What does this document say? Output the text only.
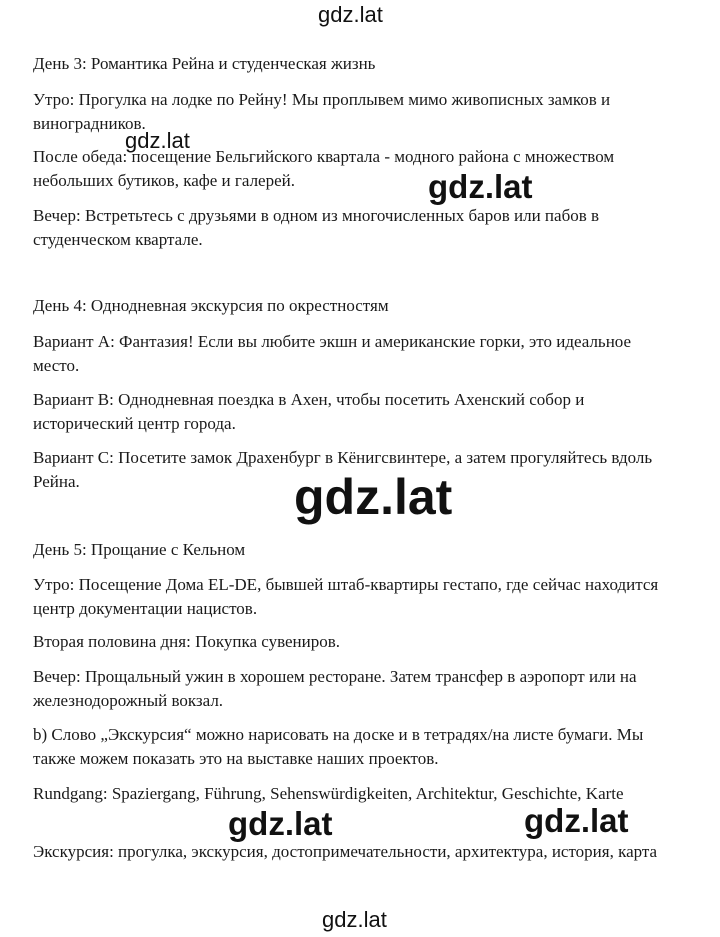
День 3: Романтика Рейна и студенческая жизнь
Утро: Прогулка на лодке по Рейну! Мы проплывем мимо живописных замков и виноградников.
После обеда: посещение Бельгийского квартала - модного района с множеством небольших бутиков, кафе и галерей.
Вечер: Встретьтесь с друзьями в одном из многочисленных баров или пабов в студенческом квартале.
День 4: Однодневная экскурсия по окрестностям
Вариант A: Фантазия! Если вы любите экшн и американские горки, это идеальное место.
Вариант B: Однодневная поездка в Ахен, чтобы посетить Ахенский собор и исторический центр города.
Вариант C: Посетите замок Драхенбург в Кёнигсвинтере, а затем прогуляйтесь вдоль Рейна.
День 5: Прощание с Кельном
Утро: Посещение Дома EL-DE, бывшей штаб-квартиры гестапо, где сейчас находится центр документации нацистов.
Вторая половина дня: Покупка сувениров.
Вечер: Прощальный ужин в хорошем ресторане. Затем трансфер в аэропорт или на железнодорожный вокзал.
b) Слово „Экскурсия“ можно нарисовать на доске и в тетрадях/на листе бумаги. Мы также можем показать это на выставке наших проектов.
Rundgang: Spaziergang, Führung, Sehenswürdigkeiten, Architektur, Geschichte, Karte
Экскурсия: прогулка, экскурсия, достопримечательности, архитектура, история, карта
gdz.lat
gdz.lat
gdz.lat
gdz.lat
gdz.lat	gdz.lat
gdz.lat
